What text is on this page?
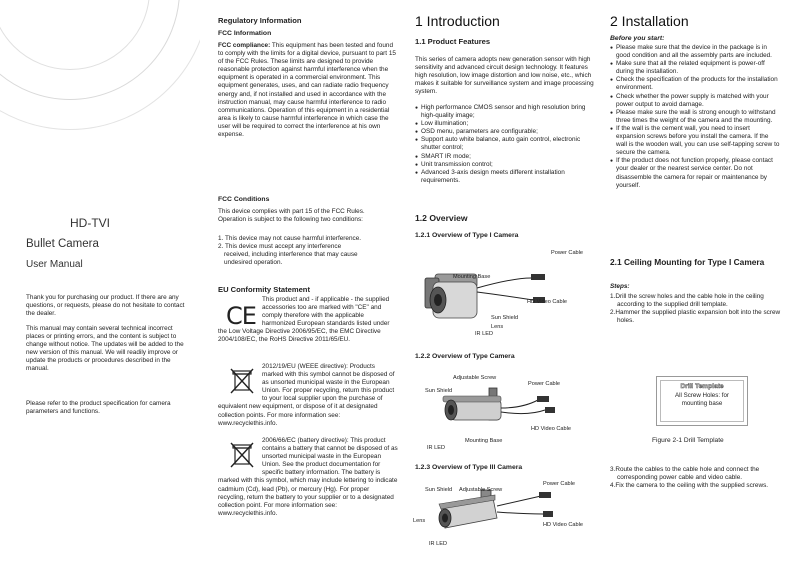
HD-TVI
Bullet Camera
User Manual

Thank you for purchasing our product. If there are any questions, or requests, please do not hesitate to contact the dealer.

This manual may contain several technical incorrect places or printing errors, and the content is subject to change without notice. The updates will be added to the new version of this manual. We will readily improve or update the products or procedures described in the manual.

Please refer to the product specification for camera parameters and functions.

Regulatory Information
FCC Information

FCC compliance: This equipment has been tested and found to comply with the limits for a digital device, pursuant to part 15 of the FCC Rules. These limits are designed to provide reasonable protection against harmful interference when the equipment is operated in a commercial environment. This equipment generates, uses, and can radiate radio frequency energy and, if not installed and used in accordance with the instruction manual, may cause harmful interference to radio communications. Operation of this equipment in a residential area is likely to cause harmful interference in which case the user will be required to correct the interference at his own expense.

FCC Conditions

This device complies with part 15 of the FCC Rules. Operation is subject to the following two conditions:

1. This device may not cause harmful interference.

2. This device must accept any interference received, including interference that may cause undesired operation.

EU Conformity Statement
CE

This product and - if applicable - the supplied accessories too are marked with "CE" and comply therefore with the applicable harmonized European standards listed under the Low Voltage Directive 2006/95/EC, the EMC Directive 2004/108/EC, the RoHS Directive 2011/65/EU.

2012/19/EU (WEEE directive): Products marked with this symbol cannot be disposed of as unsorted municipal waste in the European Union. For proper recycling, return this product to your local supplier upon the purchase of equivalent new equipment, or dispose of it at designated collection points. For more information see: www.recyclethis.info.

2006/66/EC (battery directive): This product contains a battery that cannot be disposed of as unsorted municipal waste in the European Union. See the product documentation for specific battery information. The battery is marked with this symbol, which may include lettering to indicate cadmium (Cd), lead (Pb), or mercury (Hg). For proper recycling, return the battery to your supplier or to a designated collection point. For more information see: www.recyclethis.info.

1 Introduction
1.1 Product Features

This series of camera adopts new generation sensor with high sensitivity and advanced circuit design technology. It features high resolution, low image distortion and low noise, etc., which makes it suitable for surveillance system and image processing system.

● High performance CMOS sensor and high resolution bring high-quality image;
● Low illumination;
● OSD menu, parameters are configurable;
● Support auto white balance, auto gain control, electronic shutter control;
● SMART IR mode;
● Unit transmission control;
● Advanced 3-axis design meets different installation requirements.
1.2 Overview
1.2.1 Overview of Type I Camera
Power Cable
Mounting Base
HD Video Cable
Sun Shield
Lens
IR LED
1.2.2 Overview of Type Camera
Adjustable Screw
Power Cable
Sun Shield
HD Video Cable
Mounting Base
IR LED
1.2.3 Overview of Type III Camera
Power Cable
Sun Shield Adjustable Screw
Lens
HD Video Cable
IR LED
2 Installation
Before you start:
● Please make sure that the device in the package is in good condition and all the assembly parts are included.
● Make sure that all the related equipment is power-off during the installation.
● Check the specification of the products for the installation environment.
● Check whether the power supply is matched with your power output to avoid damage.
● Please make sure the wall is strong enough to withstand three times the weight of the camera and the mounting.
● If the wall is the cement wall, you need to insert expansion screws before you install the camera. If the wall is the wooden wall, you can use self-tapping screw to secure the camera.
● If the product does not function properly, please contact your dealer or the nearest service center. Do not disassemble the camera for repair or maintenance by yourself.
2.1 Ceiling Mounting for Type I Camera
Steps:

1.Drill the screw holes and the cable hole in the ceiling according to the supplied drill template.

2.Hammer the supplied plastic expansion bolt into the screw holes.

Drill Template
All Screw Holes: for mounting base
Figure 2-1 Drill Template

3.Route the cables to the cable hole and connect the corresponding power cable and video cable.

4.Fix the camera to the ceiling with the supplied screws.
